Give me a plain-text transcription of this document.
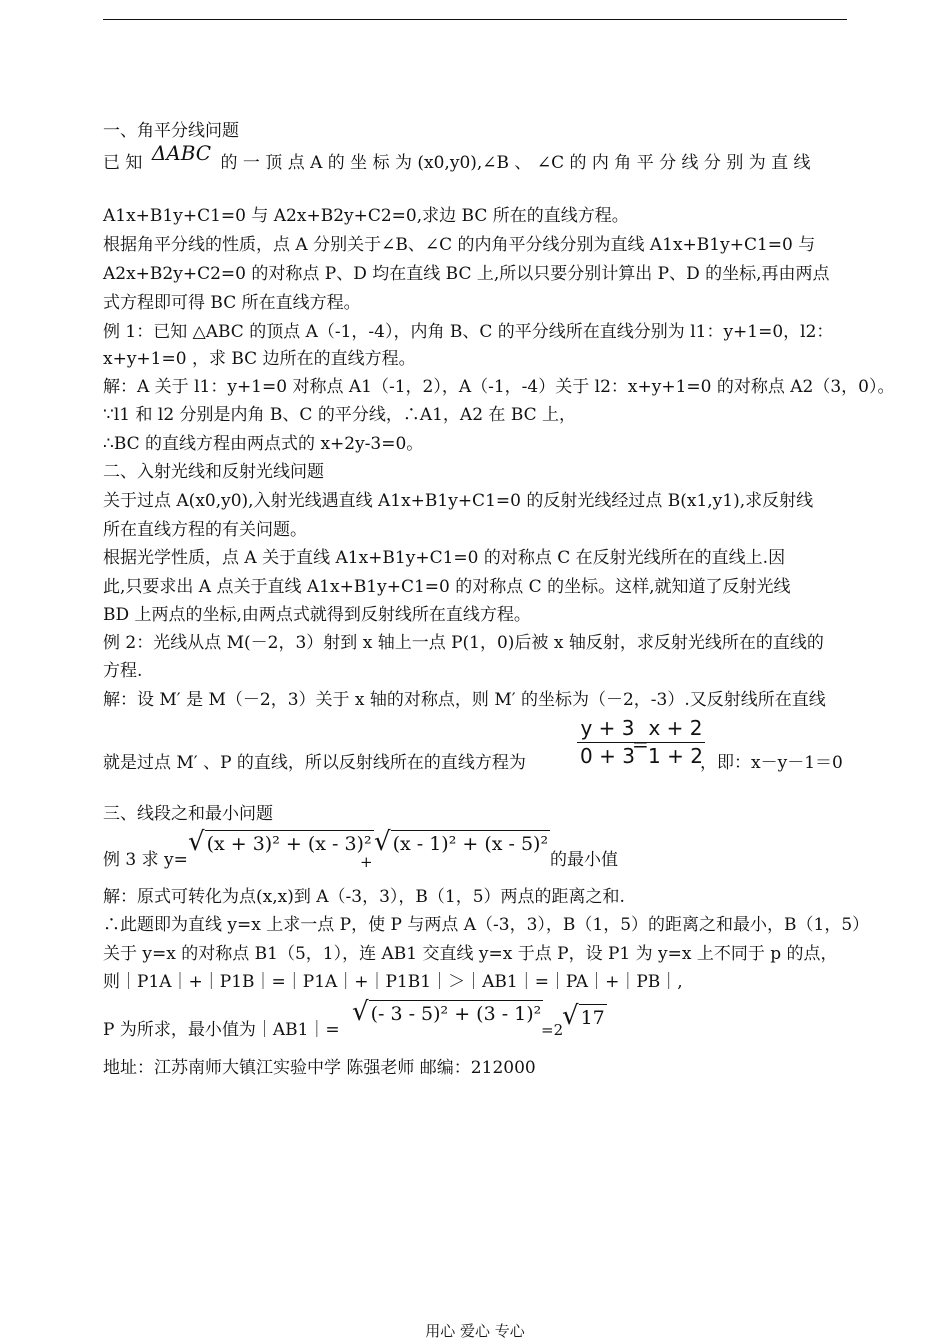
一、角平分线问题
已 知 ΔABC 的 一 顶 点 A 的 坐 标 为 (x0,y0),∠B 、 ∠C 的 内 角 平 分 线 分 别 为 直 线
A1x+B1y+C1=0 与 A2x+B2y+C2=0,求边 BC 所在的直线方程。
根据角平分线的性质，点 A 分别关于∠B、∠C 的内角平分线分别为直线 A1x+B1y+C1=0 与
A2x+B2y+C2=0 的对称点 P、D 均在直线 BC 上,所以只要分别计算出 P、D 的坐标,再由两点
式方程即可得 BC 所在直线方程。
例 1：已知 △ABC 的顶点 A（-1，-4），内角 B、C 的平分线所在直线分别为 l1：y+1=0，l2：
x+y+1=0 ，求 BC 边所在的直线方程。
解：A 关于 l1：y+1=0 对称点 A1（-1，2），A（-1，-4）关于 l2：x+y+1=0 的对称点 A2（3，0）。
∵l1 和 l2 分别是内角 B、C 的平分线，∴A1，A2 在 BC 上，
∴BC 的直线方程由两点式的 x+2y-3=0。
二、入射光线和反射光线问题
关于过点 A(x0,y0),入射光线遇直线 A1x+B1y+C1=0 的反射光线经过点 B(x1,y1),求反射线
所在直线方程的有关问题。
根据光学性质，点 A 关于直线 A1x+B1y+C1=0 的对称点 C 在反射光线所在的直线上.因
此,只要求出 A 点关于直线 A1x+B1y+C1=0 的对称点 C 的坐标。这样,就知道了反射光线
BD 上两点的坐标,由两点式就得到反射线所在直线方程。
例 2：光线从点 M(－2，3）射到 x 轴上一点 P(1，0)后被 x 轴反射，求反射光线所在的直线的
方程.
解：设 M′ 是 M（－2，3）关于 x 轴的对称点，则 M′ 的坐标为（－2，-3）.又反射线所在直线
就是过点 M′ 、P 的直线，所以反射线所在的直线方程为	$\frac{y + 3}{0 + 3}$
=
$\frac{x + 2}{1 + 2}$
，即：x－y－1＝0
三、线段之和最小问题
例 3 求 y=
√ (x + 3)² + (x - 3)²
+
√ (x - 1)² + (x - 5)²
的最小值
解：原式可转化为点(x,x)到 A（-3，3），B（1，5）两点的距离之和.
∴此题即为直线 y=x 上求一点 P，使 P 与两点 A（-3，3），B（1，5）的距离之和最小，B（1，5）
关于 y=x 的对称点 B1（5，1），连 AB1 交直线 y=x 于点 P，设 P1 为 y=x 上不同于 p 的点，
则｜P1A｜+｜P1B｜=｜P1A｜+｜P1B1｜＞｜AB1｜=｜PA｜+｜PB｜,
P 为所求，最小值为｜AB1｜=
√ (- 3 - 5)² + (3 - 1)²
=2
√ 17
地址：江苏南师大镇江实验中学 陈强老师 邮编：212000
用心 爱心 专心
